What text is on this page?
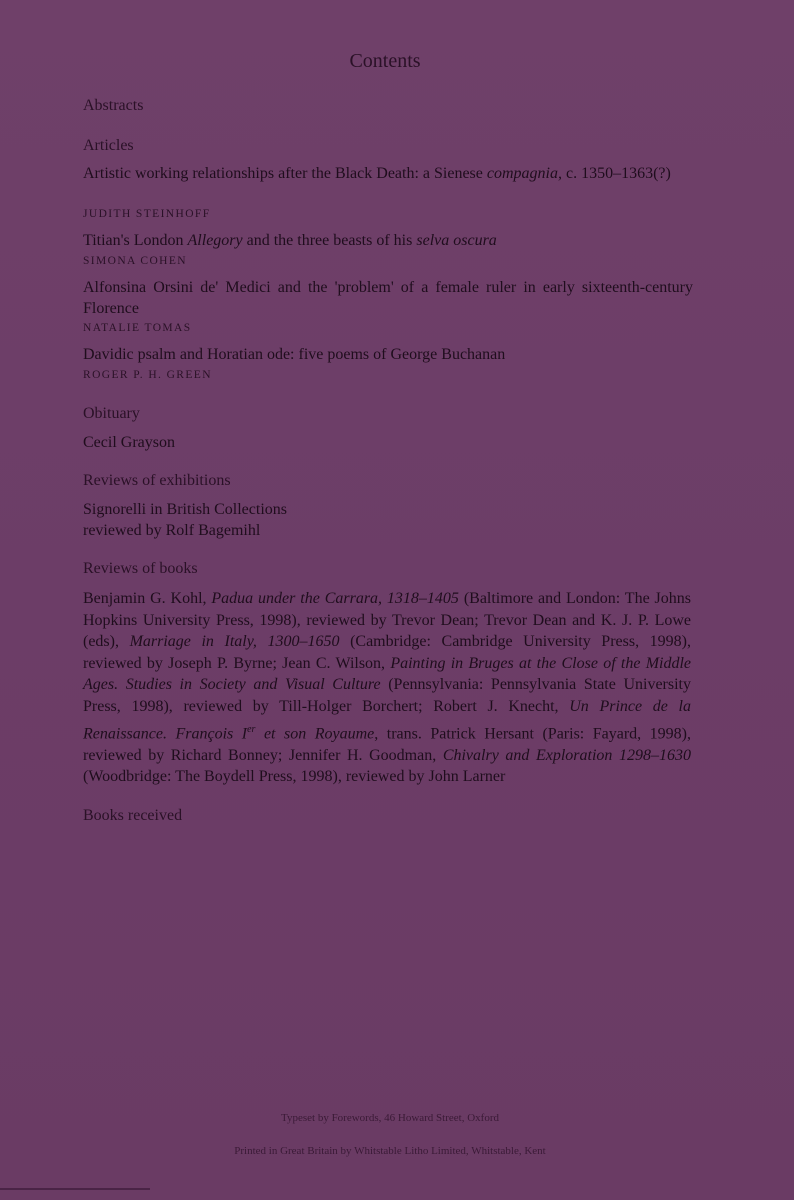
Contents
Abstracts
Articles
Artistic working relationships after the Black Death: a Sienese compagnia, c. 1350–1363(?)
JUDITH STEINHOFF
Titian's London Allegory and the three beasts of his selva oscura
SIMONA COHEN
Alfonsina Orsini de' Medici and the 'problem' of a female ruler in early sixteenth-century Florence
NATALIE TOMAS
Davidic psalm and Horatian ode: five poems of George Buchanan
ROGER P. H. GREEN
Obituary
Cecil Grayson
Reviews of exhibitions
Signorelli in British Collections
reviewed by Rolf Bagemihl
Reviews of books
Benjamin G. Kohl, Padua under the Carrara, 1318–1405 (Baltimore and London: The Johns Hopkins University Press, 1998), reviewed by Trevor Dean; Trevor Dean and K. J. P. Lowe (eds), Marriage in Italy, 1300–1650 (Cambridge: Cambridge University Press, 1998), reviewed by Joseph P. Byrne; Jean C. Wilson, Painting in Bruges at the Close of the Middle Ages. Studies in Society and Visual Culture (Pennsylvania: Pennsylvania State University Press, 1998), reviewed by Till-Holger Borchert; Robert J. Knecht, Un Prince de la Renaissance. François Ier et son Royaume, trans. Patrick Hersant (Paris: Fayard, 1998), reviewed by Richard Bonney; Jennifer H. Goodman, Chivalry and Exploration 1298–1630 (Woodbridge: The Boydell Press, 1998), reviewed by John Larner
Books received
Typeset by Forewords, 46 Howard Street, Oxford
Printed in Great Britain by Whitstable Litho Limited, Whitstable, Kent
